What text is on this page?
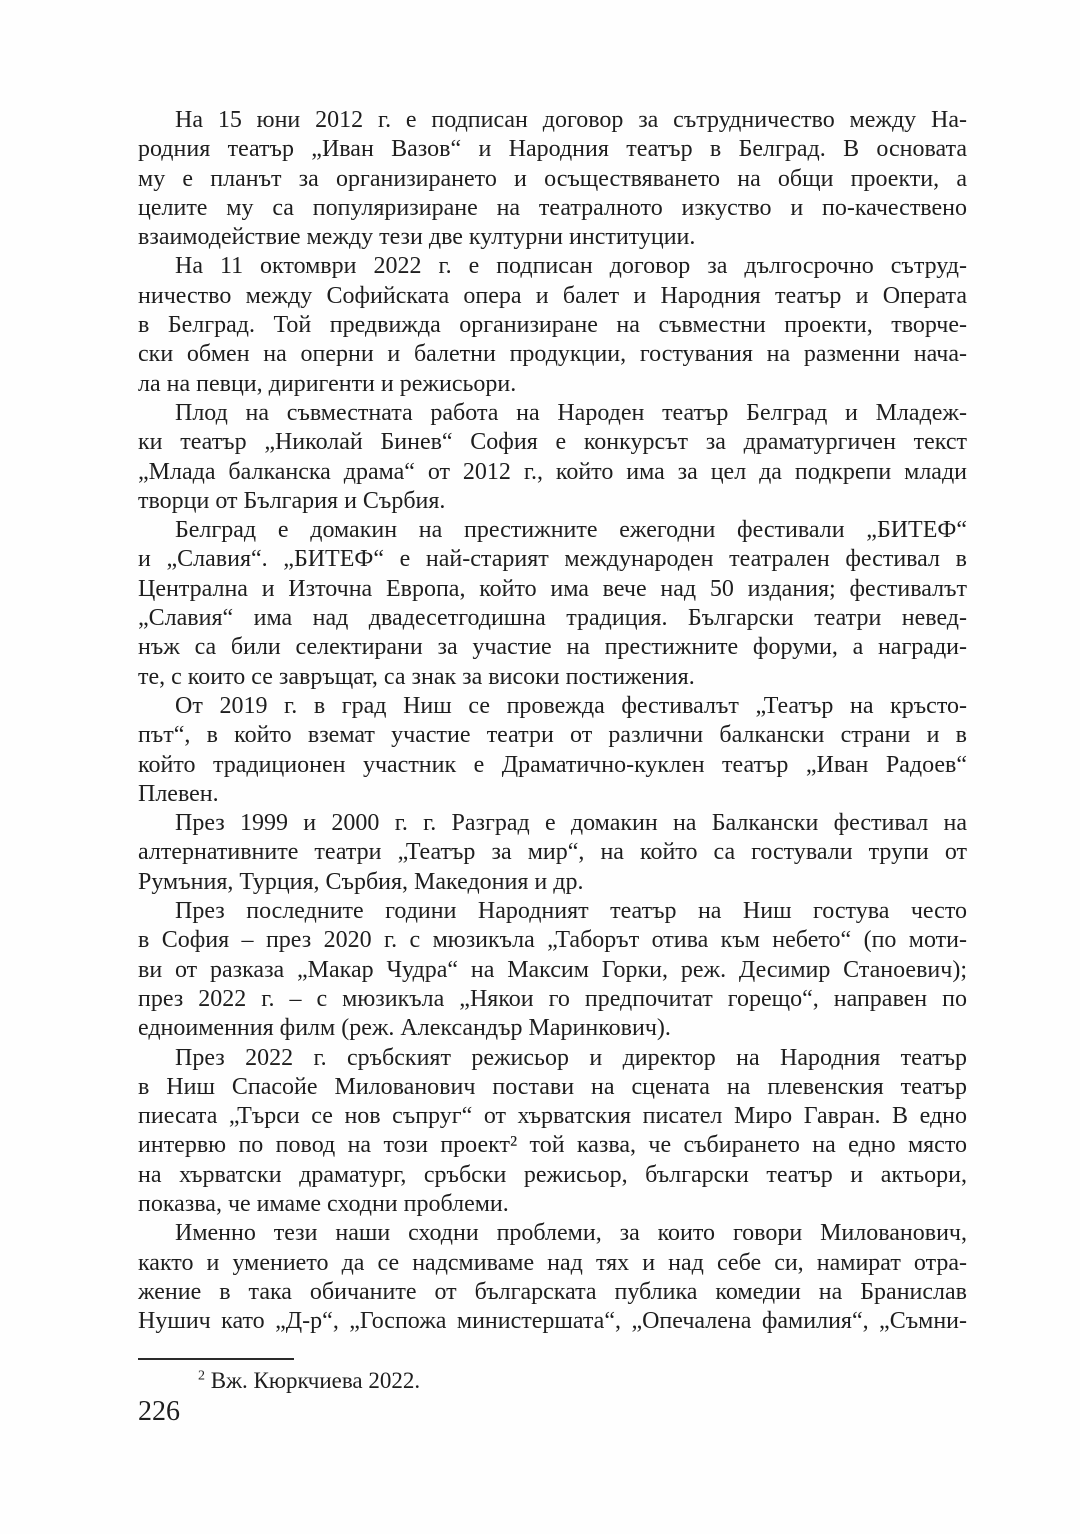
На 15 юни 2012 г. е подписан договор за сътрудничество между На-
родния театър „Иван Вазов“ и Народния театър в Белград. В основата
му е планът за организирането и осъществяването на общи проекти, а
целите му са популяризиране на театралното изкуство и по-качествено
взаимодействие между тези две културни институции.
На 11 октомври 2022 г. е подписан договор за дългосрочно сътруд-
ничество между Софийската опера и балет и Народния театър и Операта
в Белград. Той предвижда организиране на съвместни проекти, творче-
ски обмен на оперни и балетни продукции, гостувания на разменни нача-
ла на певци, диригенти и режисьори.
Плод на съвместната работа на Народен театър Белград и Младеж-
ки театър „Николай Бинев“ София е конкурсът за драматургичен текст
„Млада балканска драма“ от 2012 г., който има за цел да подкрепи млади
творци от България и Сърбия.
Белград е домакин на престижните ежегодни фестивали „БИТЕФ“
и „Славия“. „БИТЕФ“ е най-старият международен театрален фестивал в
Централна и Източна Европа, който има вече над 50 издания; фестивалът
„Славия“ има над двадесетгодишна традиция. Български театри невед-
нъж са били селектирани за участие на престижните форуми, а награди-
те, с които се завръщат, са знак за високи постижения.
От 2019 г. в град Ниш се провежда фестивалът „Театър на кръсто-
път“, в който вземат участие театри от различни балкански страни и в
който традиционен участник е Драматично-куклен театър „Иван Радоев“
Плевен.
През 1999 и 2000 г. г. Разград е домакин на Балкански фестивал на
алтернативните театри „Театър за мир“, на който са гостували трупи от
Румъния, Турция, Сърбия, Македония и др.
През последните години Народният театър на Ниш гостува често
в София – през 2020 г. с мюзикъла „Таборът отива към небето“ (по моти-
ви от разказа „Макар Чудра“ на Максим Горки, реж. Десимир Станоевич);
през 2022 г. – с мюзикъла „Някои го предпочитат горещо“, направен по
едноименния филм (реж. Александър Маринкович).
През 2022 г. сръбският режисьор и директор на Народния театър
в Ниш Спасойе Милованович постави на сцената на плевенския театър
пиесата „Търси се нов съпруг“ от хърватския писател Миро Гавран. В едно
интервю по повод на този проект² той казва, че събирането на едно място
на хърватски драматург, сръбски режисьор, български театър и актьори,
показва, че имаме сходни проблеми.
Именно тези наши сходни проблеми, за които говори Милованович,
както и умението да се надсмиваме над тях и над себе си, намират отра-
жение в така обичаните от българската публика комедии на Бранислав
Нушич като „Д-р“, „Госпожа министершата“, „Опечалена фамилия“, „Съмни-
$^2$ Вж. Кюркчиева 2022.
226
